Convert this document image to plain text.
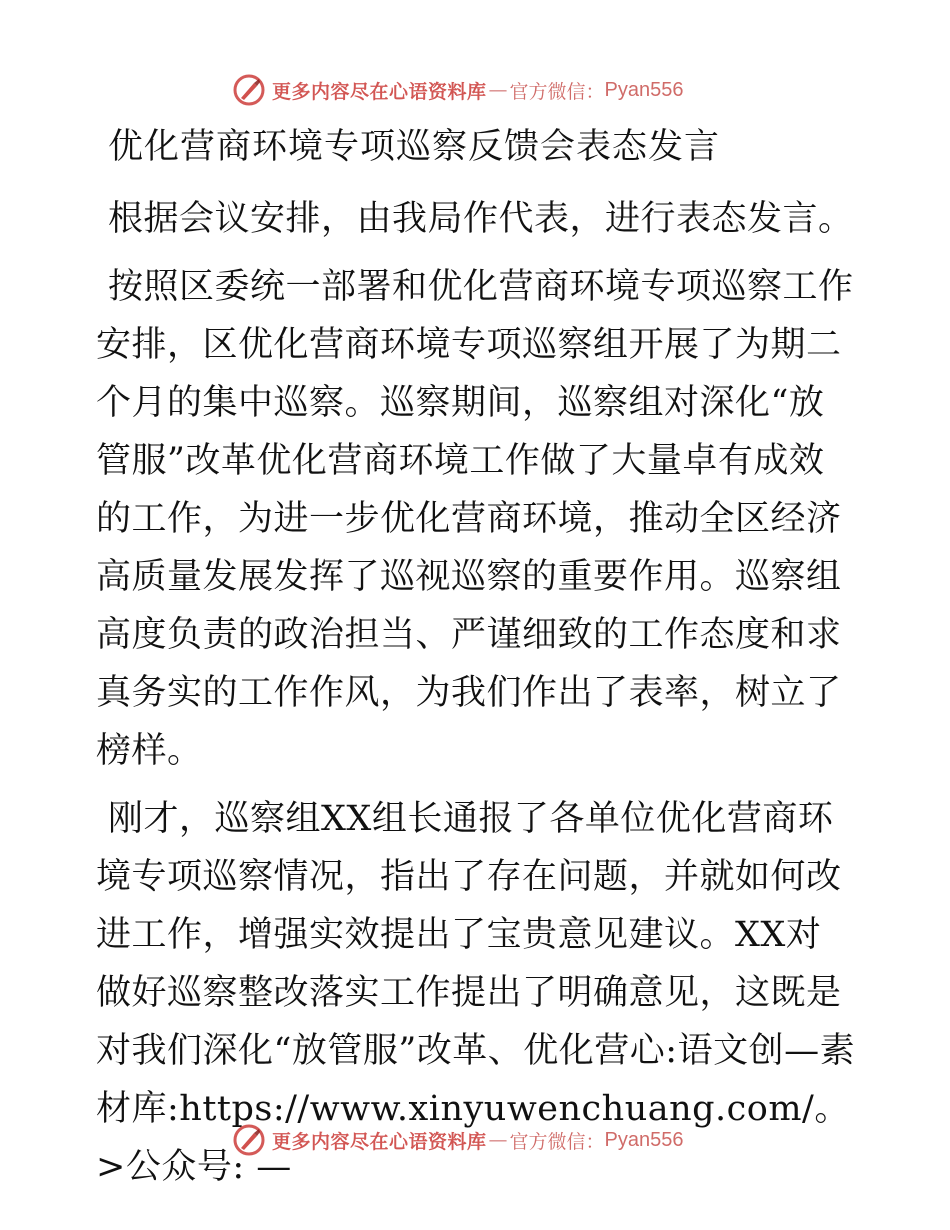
更多内容尽在心语资料库 — 官方微信： Pyan556
优化营商环境专项巡察反馈会表态发言

根据会议安排，由我局作代表，进行表态发言。

按照区委统一部署和优化营商环境专项巡察工作安排，区优化营商环境专项巡察组开展了为期二个月的集中巡察。巡察期间，巡察组对深化“放管服”改革优化营商环境工作做了大量卓有成效的工作，为进一步优化营商环境，推动全区经济高质量发展发挥了巡视巡察的重要作用。巡察组高度负责的政治担当、严谨细致的工作态度和求真务实的工作作风，为我们作出了表率，树立了榜样。

刚才，巡察组XX组长通报了各单位优化营商环境专项巡察情况，指出了存在问题，并就如何改进工作，增强实效提出了宝贵意见建议。XX对做好巡察整改落实工作提出了明确意见，这既是对我们深化“放管服”改革、优化营心:语文创—素材库:https://www.xinyuwenchuang.com/。>公众号: —

更多内容尽在心语资料库 — 官方微信： Pyan556
